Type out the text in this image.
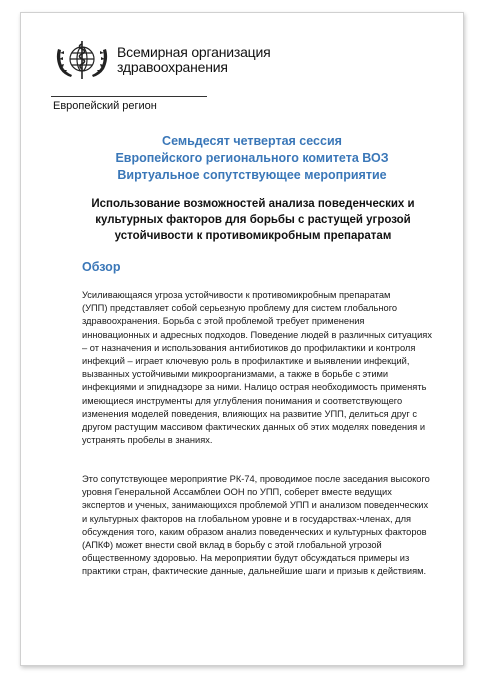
Всемирная организация
здравоохранения
Европейский регион
Семьдесят четвертая сессия
Европейского регионального комитета ВОЗ
Виртуальное сопутствующее мероприятие
Использование возможностей анализа поведенческих и
культурных факторов для борьбы с растущей угрозой
устойчивости к противомикробным препаратам
Обзор
Усиливающаяся угроза устойчивости к противомикробным препаратам
(УПП) представляет собой серьезную проблему для систем глобального
здравоохранения. Борьба с этой проблемой требует применения
инновационных и адресных подходов. Поведение людей в различных ситуациях
– от назначения и использования антибиотиков до профилактики и контроля
инфекций – играет ключевую роль в профилактике и выявлении инфекций,
вызванных устойчивыми микроорганизмами, а также в борьбе с этими
инфекциями и эпиднадзоре за ними. Налицо острая необходимость применять
имеющиеся инструменты для углубления понимания и соответствующего
изменения моделей поведения, влияющих на развитие УПП, делиться друг с
другом растущим массивом фактических данных об этих моделях поведения и
устранять пробелы в знаниях.
Это сопутствующее мероприятие РК-74, проводимое после заседания высокого
уровня Генеральной Ассамблеи ООН по УПП, соберет вместе ведущих
экспертов и ученых, занимающихся проблемой УПП и анализом поведенческих
и культурных факторов на глобальном уровне и в государствах-членах, для
обсуждения того, каким образом анализ поведенческих и культурных факторов
(АПКФ) может внести свой вклад в борьбу с этой глобальной угрозой
общественному здоровью. На мероприятии будут обсуждаться примеры из
практики стран, фактические данные, дальнейшие шаги и призыв к действиям.
